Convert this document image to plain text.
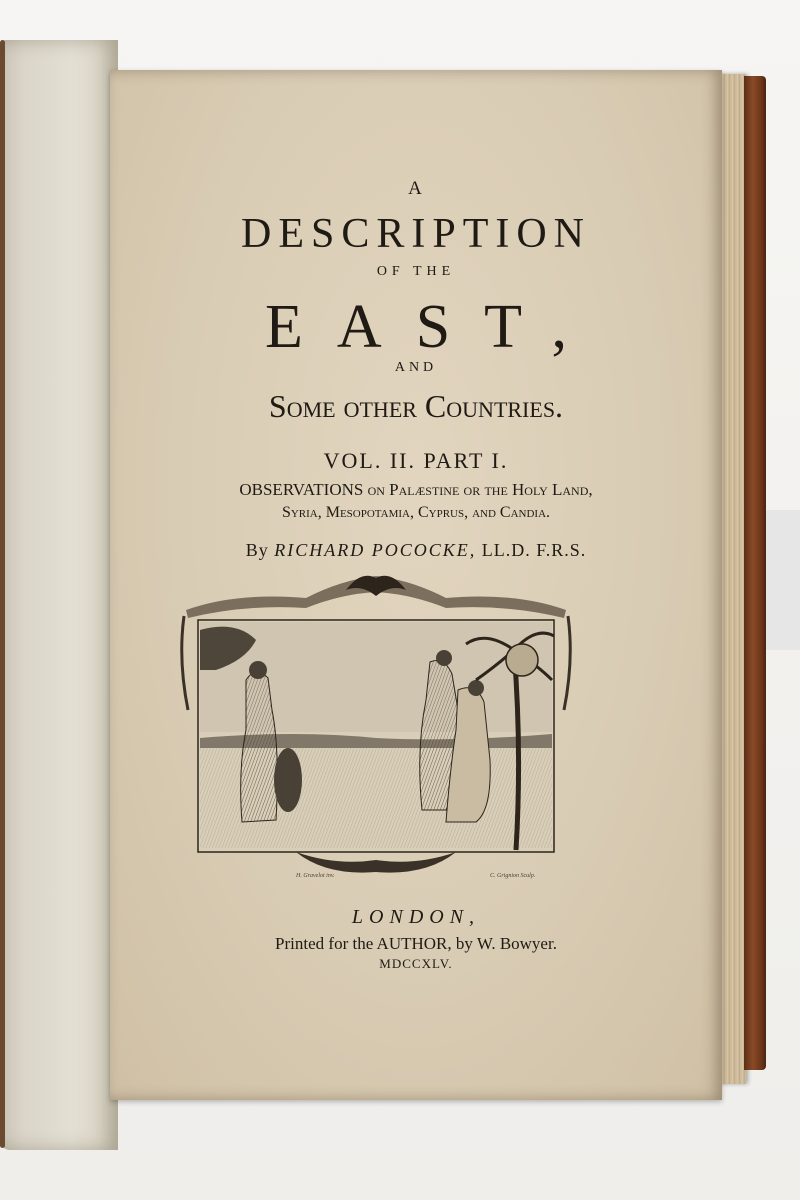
A
DESCRIPTION
OF THE
EAST,
AND
Some other Countries.
VOL. II. PART I.
OBSERVATIONS on Palæstine or the Holy Land,
Syria, Mesopotamia, Cyprus, and Candia.
By RICHARD POCOCKE, LL.D. F.R.S.
H. Gravelot inv.	C. Grignion Sculp.
LONDON,
Printed for the AUTHOR, by W. Bowyer.
MDCCXLV.
